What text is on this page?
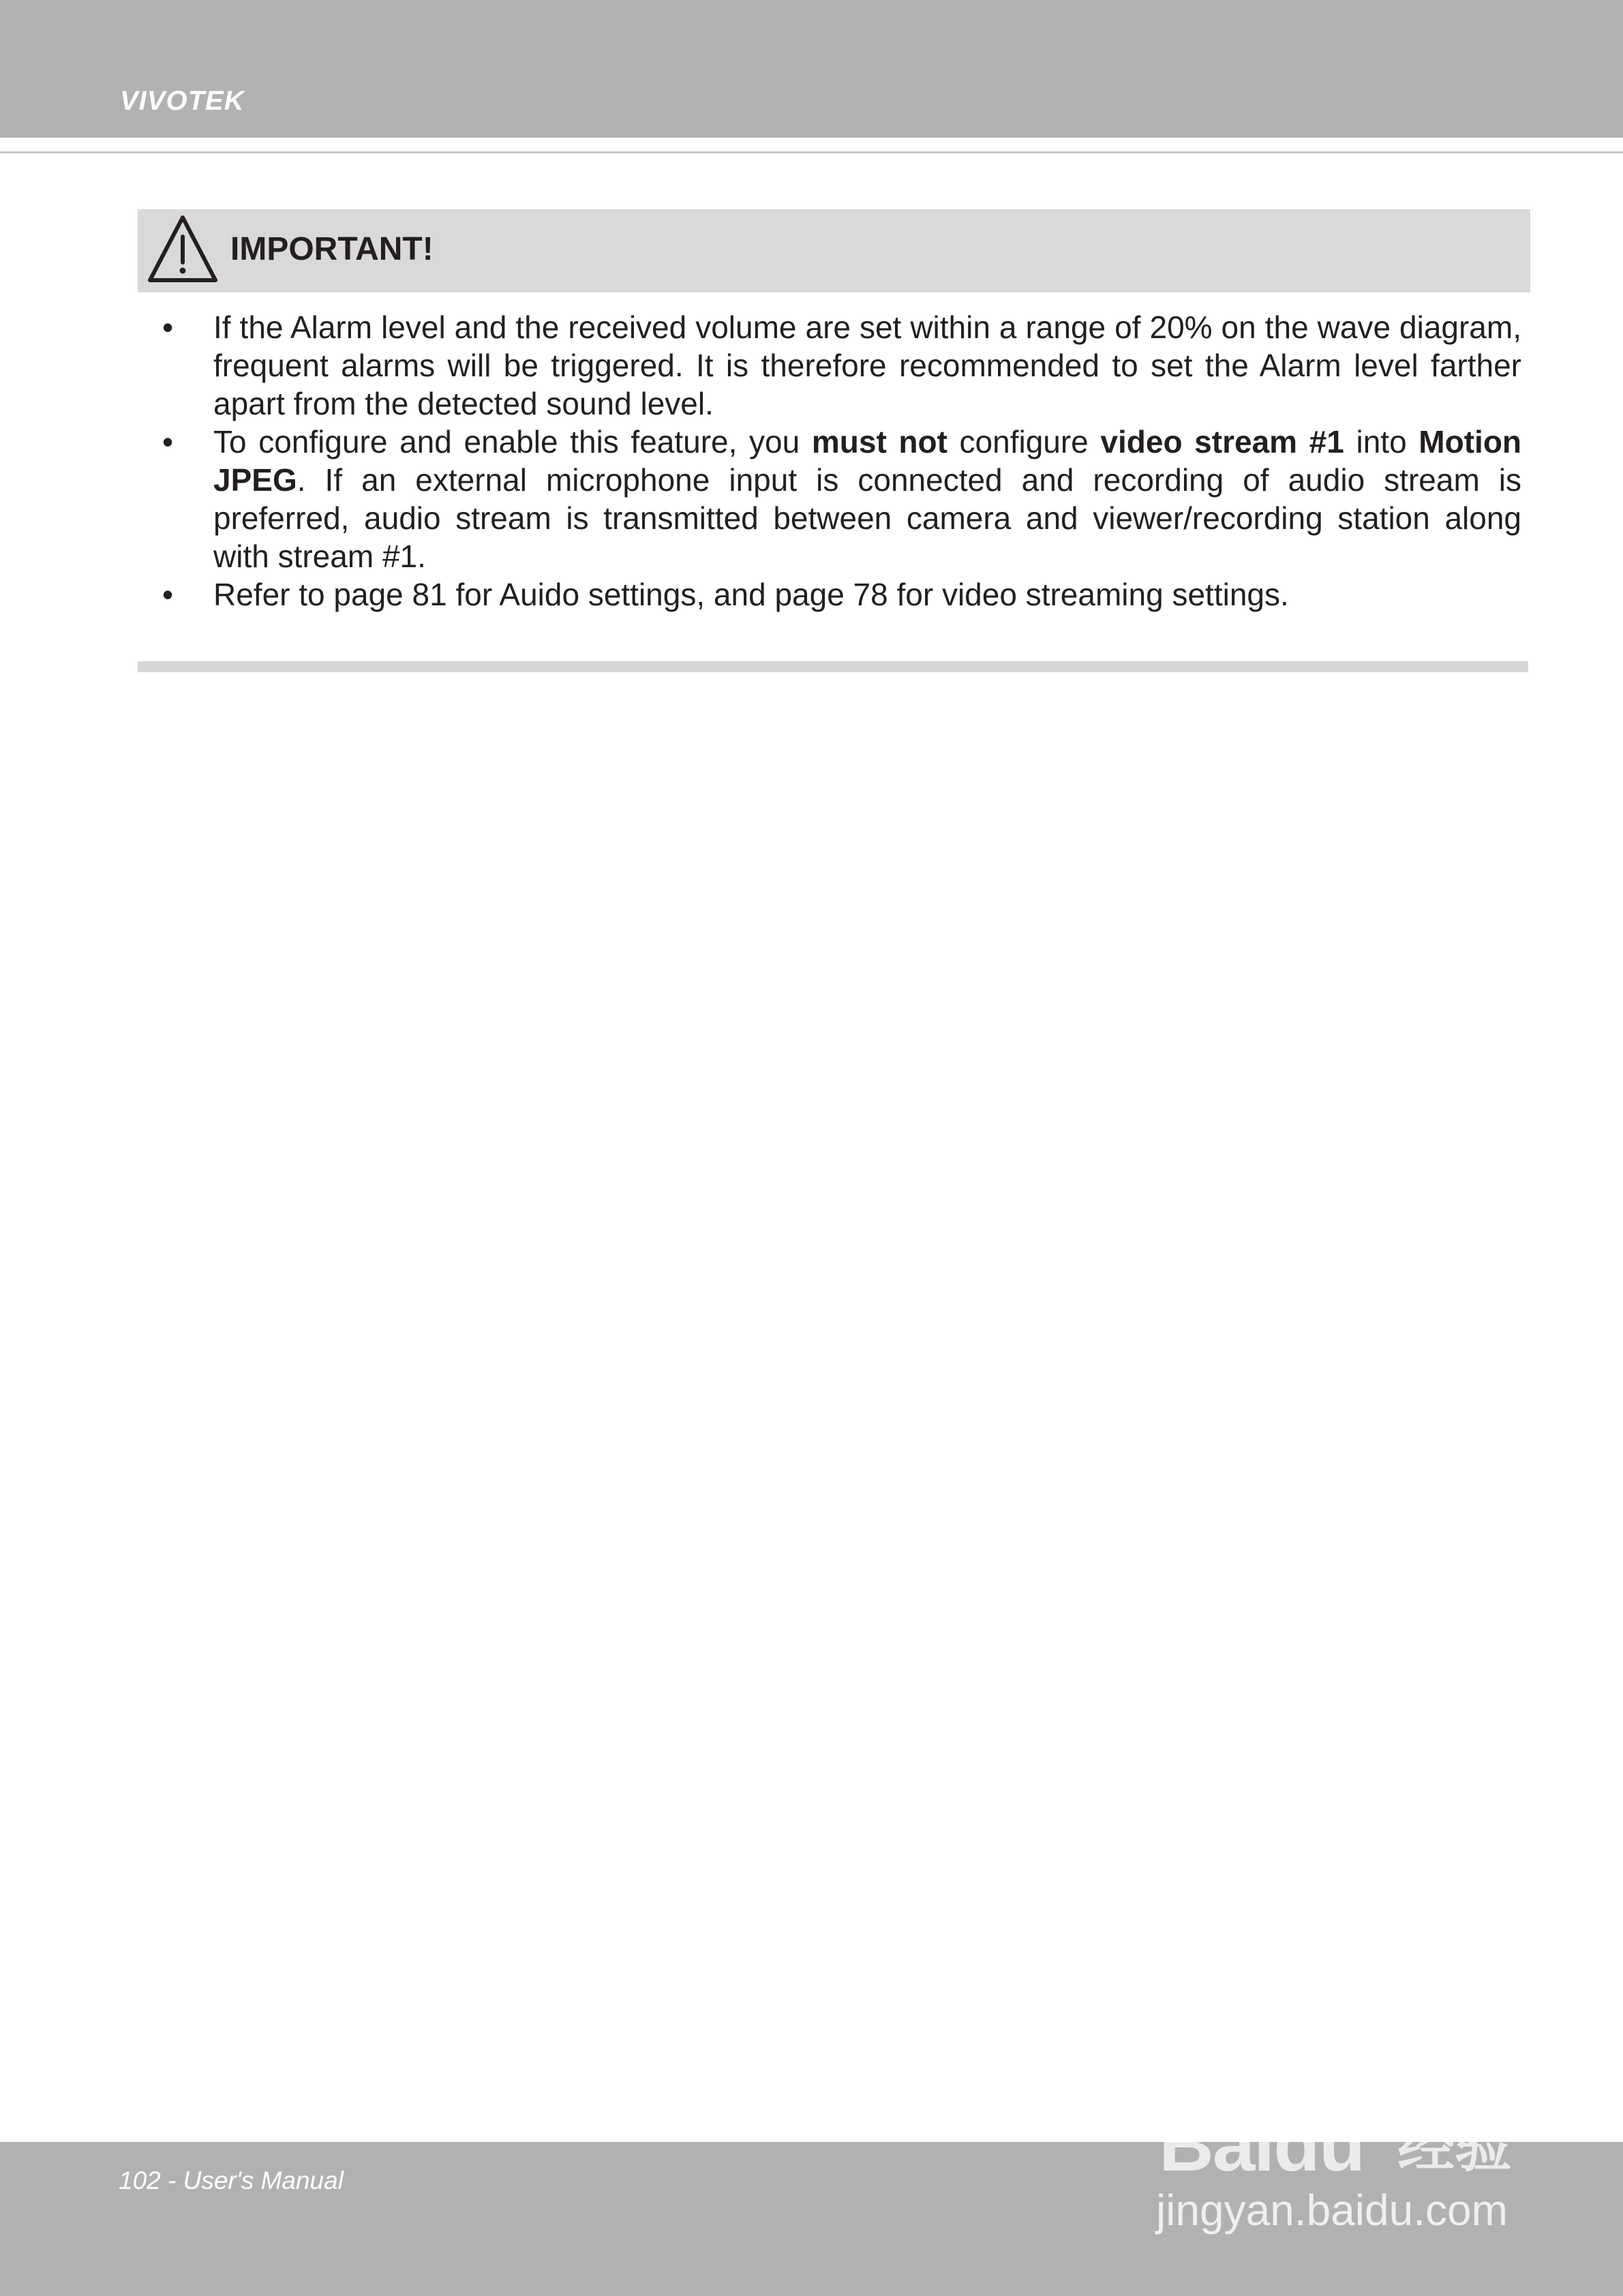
VIVOTEK
IMPORTANT!
• If the Alarm level and the received volume are set within a range of 20% on the wave diagram, frequent alarms will be triggered. It is therefore recommended to set the Alarm level farther apart from the detected sound level.
• To configure and enable this feature, you must not configure video stream #1 into Motion JPEG. If an external microphone input is connected and recording of audio stream is preferred, audio stream is transmitted between camera and viewer/recording station along with stream #1.
• Refer to page 81 for Auido settings, and page 78 for video streaming settings.
102 - User's Manual	Baidu 经验
jingyan.baidu.com
